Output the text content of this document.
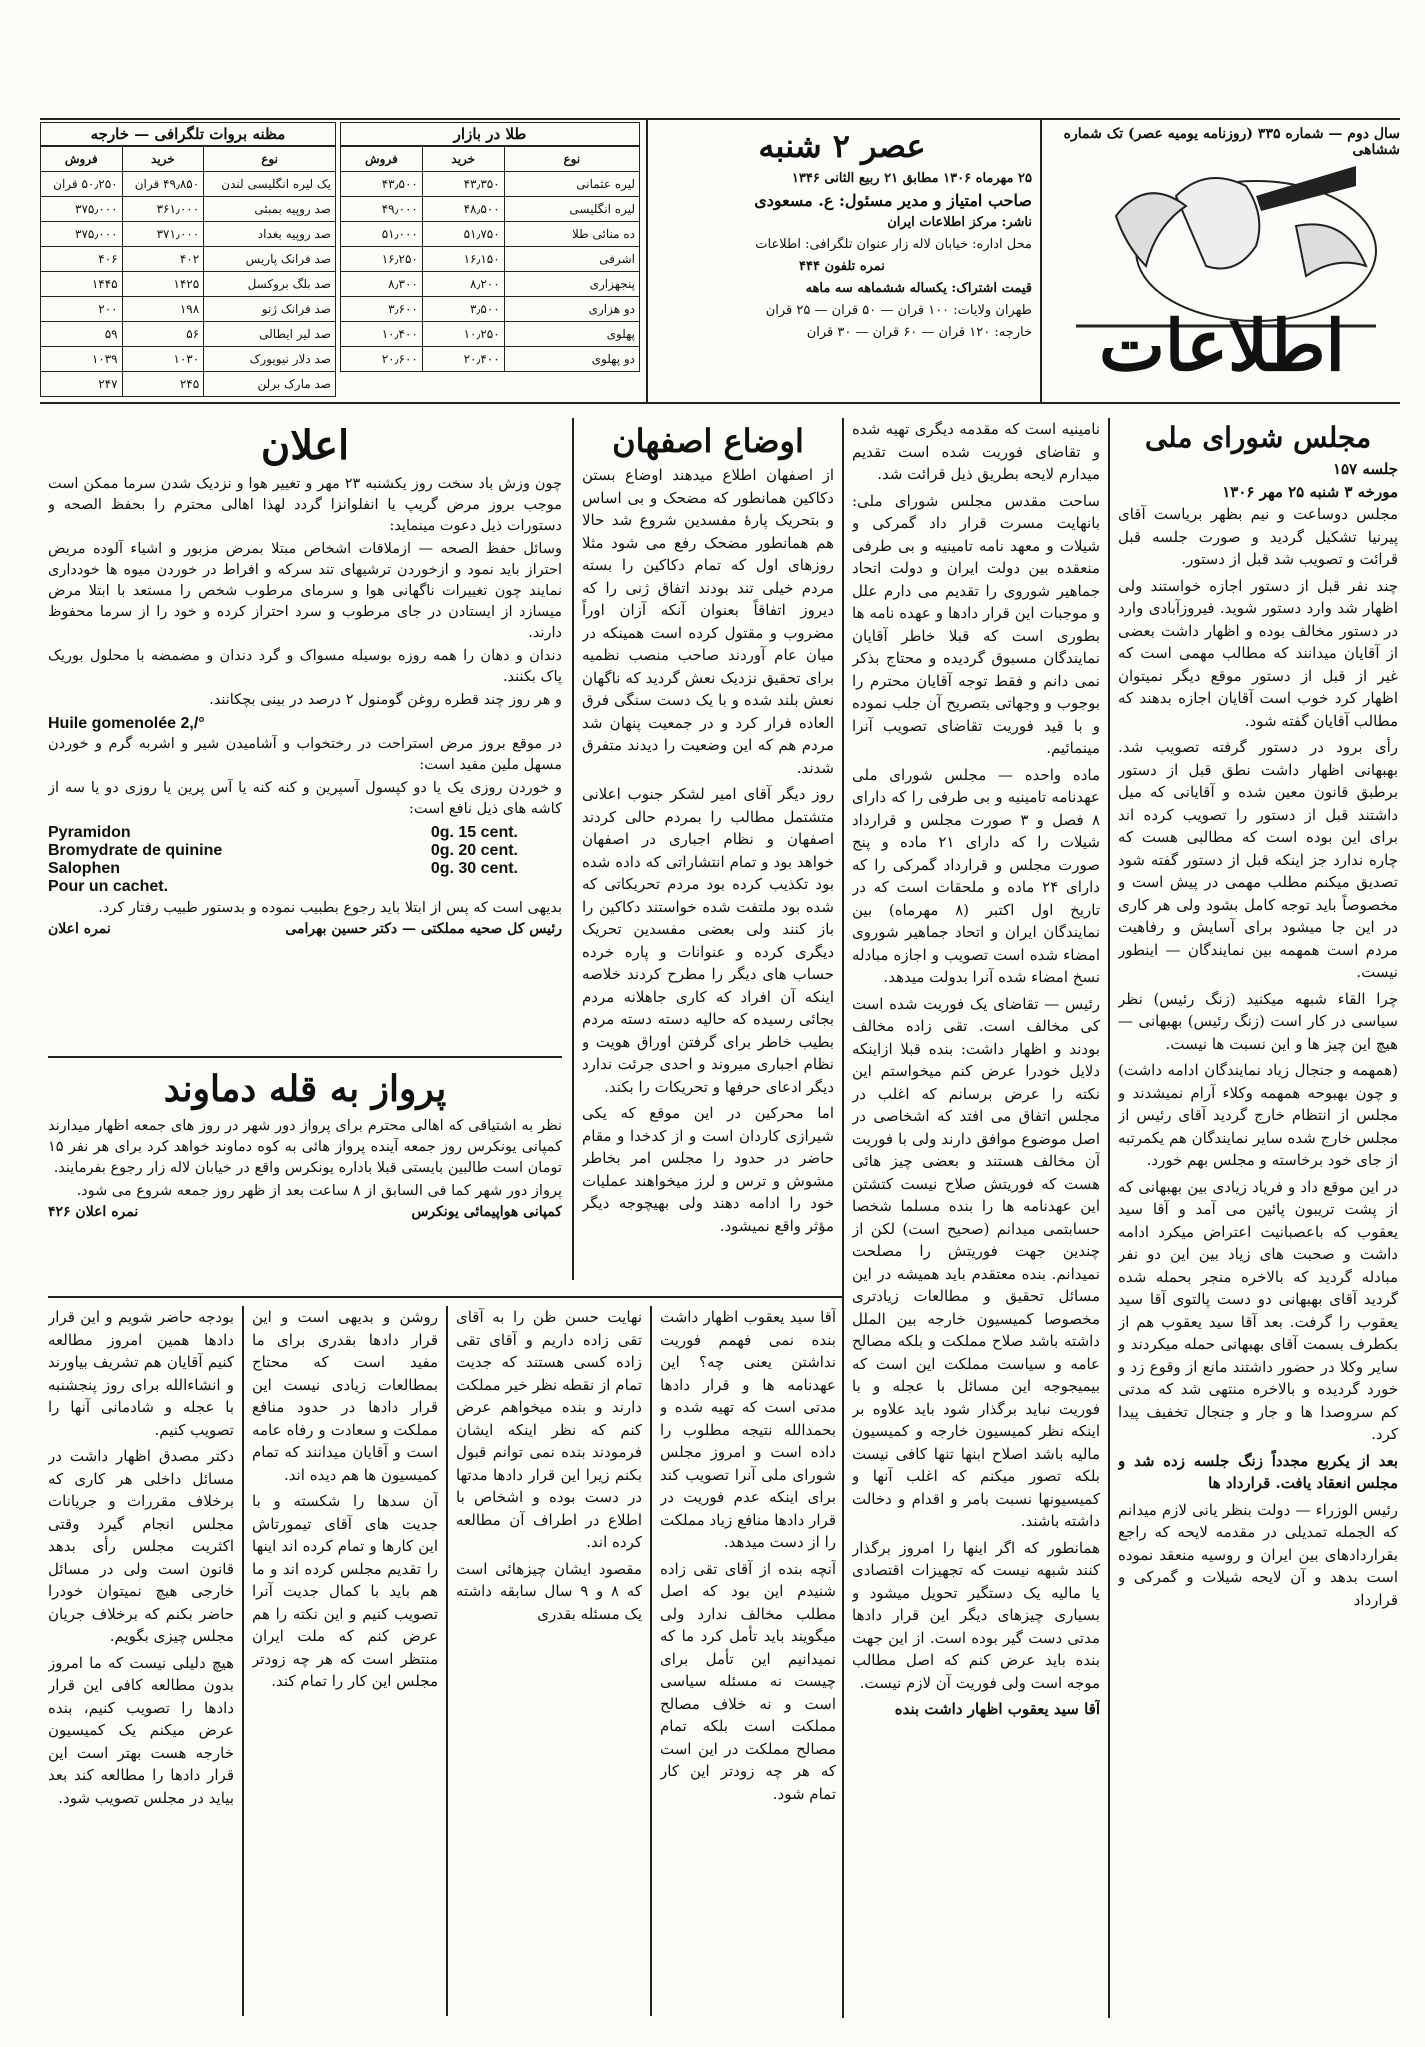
سال دوم — شماره ۳۳۵ (روزنامه یومیه عصر) تک شماره ششاهی
اطلاعات
عصر ۲ شنبه
۲۵ مهرماه ۱۳۰۶ مطابق ۲۱ ربیع الثانی ۱۳۴۶
صاحب امتیاز و مدیر مسئول: ع. مسعودی
ناشر: مرکز اطلاعات ایران
محل اداره: خیابان لاله زار عنوان تلگرافی: اطلاعات
نمره تلفون ۴۴۴
قیمت اشتراک: یکساله ششماهه سه ماهه
طهران ولایات: ۱۰۰ قران — ۵۰ قران — ۲۵ قران
خارجه: ۱۲۰ قران — ۶۰ قران — ۳۰ قران
طلا در بازار
نوع	خرید	فروش
لیره عثمانی	۴۳٫۳۵۰	۴۳٫۵۰۰
لیره انگلیسی	۴۸٫۵۰۰	۴۹٫۰۰۰
ده منائی طلا	۵۱٫۷۵۰	۵۱٫۰۰۰
اشرفی	۱۶٫۱۵۰	۱۶٫۲۵۰
پنجهزاری	۸٫۲۰۰	۸٫۳۰۰
دو هزاری	۳٫۵۰۰	۳٫۶۰۰
پهلوی	۱۰٫۲۵۰	۱۰٫۴۰۰
دو پهلوی	۲۰٫۴۰۰	۲۰٫۶۰۰
مظنه بروات تلگرافی — خارجه
نوع	خرید	فروش
یک لیره انگلیسی لندن	۴۹٫۸۵۰ قران	۵۰٫۲۵۰ قران
صد روپیه بمبئی	۳۶۱٫۰۰۰	۳۷۵٫۰۰۰
صد روپیه بغداد	۳۷۱٫۰۰۰	۳۷۵٫۰۰۰
صد فرانک پاریس	۴۰۲	۴۰۶
صد بلگ بروکسل	۱۴۲۵	۱۴۴۵
صد فرانک ژنو	۱۹۸	۲۰۰
صد لیر ایطالی	۵۶	۵۹
صد دلار نیویورک	۱۰۳۰	۱۰۳۹
صد مارک برلن	۲۴۵	۲۴۷
مجلس شورای ملی
جلسه ۱۵۷
مورخه ۳ شنبه ۲۵ مهر ۱۳۰۶

مجلس دوساعت و نیم بظهر بریاست آقای پیرنیا تشکیل گردید و صورت جلسه قبل قرائت و تصویب شد قبل از دستور.

چند نفر قبل از دستور اجازه خواستند ولی اظهار شد وارد دستور شوید. فیروزآبادی وارد در دستور مخالف بوده و اظهار داشت بعضی از آقایان میدانند که مطالب مهمی است که غیر از قبل از دستور موقع دیگر نمیتوان اظهار کرد خوب است آقایان اجازه بدهند که مطالب آقایان گفته شود.

رأی برود در دستور گرفته تصویب شد. بهبهانی اظهار داشت نطق قبل از دستور برطبق قانون معین شده و آقایانی که میل داشتند قبل از دستور را تصویب کرده اند برای این بوده است که مطالبی هست که چاره ندارد جز اینکه قبل از دستور گفته شود تصدیق میکنم مطلب مهمی در پیش است و مخصوصاً باید توجه کامل بشود ولی هر کاری در این جا میشود برای آسایش و رفاهیت مردم است همهمه بین نمایندگان — اینطور نیست.

چرا القاء شبهه میکنید (زنگ رئیس) نظر سیاسی در کار است (زنگ رئیس) بهبهانی — هیچ این چیز ها و این نسبت ها نیست.

(همهمه و جنجال زیاد نمایندگان ادامه داشت) و چون بهبوحه همهمه وکلاء آرام نمیشدند و مجلس از انتظام خارج گردید آقای رئیس از مجلس خارج شده سایر نمایندگان هم یکمرتبه از جای خود برخاسته و مجلس بهم خورد.

در این موقع داد و فریاد زیادی بین بهبهانی که از پشت تریبون پائین می آمد و آقا سید یعقوب که باعصبانیت اعتراض میکرد ادامه داشت و صحبت های زیاد بین این دو نفر مبادله گردید که بالاخره منجر بحمله شده گردید آقای بهبهانی دو دست پالتوی آقا سید یعقوب را گرفت. بعد آقا سید یعقوب هم از بکطرف بسمت آقای بهبهانی حمله میکردند و سایر وکلا در حضور داشتند مانع از وقوع زد و خورد گردیده و بالاخره منتهی شد که مدتی کم سروصدا ها و جار و جنجال تخفیف پیدا کرد.

بعد از یکربع مجدداً زنگ جلسه زده شد و مجلس انعقاد یافت. قرارداد ها

رئیس الوزراء — دولت بنظر یانی لازم میدانم که الجمله تمدیلی در مقدمه لایحه که راجع بقراردادهای بین ایران و روسیه منعقد نموده است بدهد و آن لایحه شیلات و گمرکی و قرارداد

نامینیه است که مقدمه دیگری تهیه شده و تقاضای فوریت شده است تقدیم میدارم لایحه بطریق ذیل قرائت شد.

ساحت مقدس مجلس شورای ملی: بانهایت مسرت قرار داد گمرکی و شیلات و معهد نامه تامینیه و بی طرفی منعقده بین دولت ایران و دولت اتحاد جماهیر شوروی را تقدیم می دارم علل و موجبات این قرار دادها و عهده نامه ها بطوری است که قبلا خاطر آقایان نمایندگان مسبوق گردیده و محتاج بذکر نمی دانم و فقط توجه آقایان محترم را بوجوب و وجهاتی بتصریح آن جلب نموده و با قید فوریت تقاضای تصویب آنرا مینمائیم.

ماده واحده — مجلس شورای ملی عهدنامه تامینیه و بی طرفی را که دارای ۸ فصل و ۳ صورت مجلس و قرارداد شیلات را که دارای ۲۱ ماده و پنج صورت مجلس و قرارداد گمرکی را که دارای ۲۴ ماده و ملحقات است که در تاریخ اول اکتبر (۸ مهرماه) بین نمایندگان ایران و اتحاد جماهیر شوروی امضاء شده است تصویب و اجازه مبادله نسخ امضاء شده آنرا بدولت میدهد.

رئیس — تقاضای یک فوریت شده است کی مخالف است. تقی زاده مخالف بودند و اظهار داشت: بنده قبلا ازاینکه دلایل خودرا عرض کنم میخواستم این نکته را عرض برسانم که اغلب در مجلس اتفاق می افتد که اشخاصی در اصل موضوع موافق دارند ولی با فوریت آن مخالف هستند و بعضی چیز هائی هست که فوریتش صلاح نیست کتشتن این عهدنامه ها را بنده مسلما شخصا حسابتمی میدانم (صحیح است) لکن از چندین جهت فوریتش را مصلحت نمیدانم. بنده معتقدم باید همیشه در این مسائل تحقیق و مطالعات زیادتری مخصوصا کمیسیون خارجه بین الملل داشته باشد صلاح مملکت و بلکه مصالح عامه و سیاست مملکت این است که بیمیجوجه این مسائل با عجله و با فوریت نباید برگذار شود باید علاوه بر اینکه نظر کمیسیون خارجه و کمیسیون مالیه باشد اصلاح ابنها تنها کافی نیست بلکه تصور میکنم که اغلب آنها و کمیسیونها نسبت بامر و اقدام و دخالت داشته باشند.

همانطور که اگر اینها را امروز برگذار کنند شبهه نیست که تجهیزات اقتصادی یا مالیه یک دستگیر تحویل میشود و بسیاری چیزهای دیگر این قرار دادها مدتی دست گیر بوده است. از این جهت بنده باید عرض کنم که اصل مطالب موجه است ولی فوریت آن لازم نیست.

آقا سید یعقوب اظهار داشت بنده

اوضاع اصفهان

از اصفهان اطلاع میدهند اوضاع بستن دکاکین همانطور که مضحک و بی اساس و بتحریک پارهٔ مفسدین شروع شد حالا هم همانطور مضحک رفع می شود مثلا روزهای اول که تمام دکاکین را بسته مردم خیلی تند بودند اتفاق ژنی را که دیروز اتفاقاً بعنوان آنکه آزان اوراً مضروب و مقتول کرده است همینکه در میان عام آوردند صاحب منصب نظمیه برای تحقیق نزدیک نعش گردید که ناگهان نعش بلند شده و با یک دست سنگی فرق العاده فرار کرد و در جمعیت پنهان شد مردم هم که این وضعیت را دیدند متفرق شدند.

روز دیگر آقای امیر لشکر جنوب اعلانی متشتمل مطالب را بمردم حالی کردند اصفهان و نظام اجباری در اصفهان خواهد بود و تمام انتشاراتی که داده شده بود تکذیب کرده بود مردم تحریکاتی که شده بود ملتفت شده خواستند دکاکین را باز کنند ولی بعضی مفسدین تحریک دیگری کرده و عنوانات و پاره خرده حساب های دیگر را مطرح کردند خلاصه اینکه آن افراد که کاری جاهلانه مردم بجائی رسیده که حالیه دسته دسته مردم بطیب خاطر برای گرفتن اوراق هویت و نظام اجباری میروند و احدی جرئت ندارد دیگر ادعای حرفها و تحریکات را بکند.

اما محرکین در این موقع که یکی شیرازی کاردان است و از کدخدا و مقام حاضر در حدود را مجلس امر بخاطر مشوش و ترس و لرز میخواهند عملیات خود را ادامه دهند ولی بهیچوجه دیگر مؤثر واقع نمیشود.

اعلان

چون وزش باد سخت روز یکشنبه ۲۳ مهر و تغییر هوا و نزدیک شدن سرما ممکن است موجب بروز مرض گریپ یا انفلوانزا گردد لهذا اهالی محترم را بحفظ الصحه و دستورات ذیل دعوت مینماید:

وسائل حفظ الصحه — ازملاقات اشخاص مبتلا بمرض مزبور و اشیاء آلوده مریض احتراز باید نمود و ازخوردن ترشیهای تند سرکه و افراط در خوردن میوه ها خودداری نمایند چون تغییرات ناگهانی هوا و سرمای مرطوب شخص را مستعد با ابتلا مرض میسازد از ایستادن در جای مرطوب و سرد احتراز کرده و خود را از سرما محفوظ دارند.

دندان و دهان را همه روزه بوسیله مسواک و گرد دندان و مضمضه با محلول بوریک پاک بکنند.

و هر روز چند قطره روغن گومنول ۲ درصد در بینی بچکانند.

Huile gomenolée 2,/°

در موقع بروز مرض استراحت در رختخواب و آشامیدن شیر و اشربه گرم و خوردن مسهل ملین مفید است:

و خوردن روزی یک یا دو کپسول آسپرین و کنه کنه یا آس پرین یا روزی دو یا سه از کاشه های ذیل نافع است:

Pyramidon	0g. 15 cent.
Bromydrate de quinine	0g. 20 cent.
Salophen	0g. 30 cent.
Pour un cachet.

بدیهی است که پس از ابتلا باید رجوع بطبیب نموده و بدستور طبیب رفتار کرد.

رئیس کل صحیه مملکتی — دکتر حسین بهرامی
نمره اعلان
پرواز به قله دماوند

نظر به اشتیاقی که اهالی محترم برای پرواز دور شهر در روز های جمعه اظهار میدارند کمپانی یونکرس روز جمعه آینده پرواز هائی به کوه دماوند خواهد کرد برای هر نفر ۱۵ تومان است طالبین بایستی قبلا باداره یونکرس واقع در خیابان لاله زار رجوع بفرمایند.

پرواز دور شهر کما فی السابق از ۸ ساعت بعد از ظهر روز جمعه شروع می شود.

کمپانی هواپیمائی یونکرس
نمره اعلان ۴۲۶

بودجه حاضر شویم و این قرار دادها همین امروز مطالعه کنیم آقایان هم تشریف بیاورند و انشاءالله برای روز پنجشنبه با عجله و شادمانی آنها را تصویب کنیم.

دکتر مصدق اظهار داشت در مسائل داخلی هر کاری که برخلاف مقررات و جریانات مجلس انجام گیرد وقتی اکثریت مجلس رأی بدهد قانون است ولی در مسائل خارجی هیچ نمیتوان خودرا حاضر بکنم که برخلاف جریان مجلس چیزی بگویم.

هیچ دلیلی نیست که ما امروز بدون مطالعه کافی این قرار دادها را تصویب کنیم، بنده عرض میکنم یک کمیسیون خارجه هست بهتر است این قرار دادها را مطالعه کند بعد بیاید در مجلس تصویب شود.

روشن و بدیهی است و این قرار دادها بقدری برای ما مفید است که محتاج بمطالعات زیادی نیست این قرار دادها در حدود منافع مملکت و سعادت و رفاه عامه است و آقایان میدانند که تمام کمیسیون ها هم دیده اند.

آن سدها را شکسته و با جدیت های آقای تیمورتاش این کارها و تمام کرده اند اینها را تقدیم مجلس کرده اند و ما هم باید با کمال جدیت آنرا تصویب کنیم و این نکته را هم عرض کنم که ملت ایران منتظر است که هر چه زودتر مجلس این کار را تمام کند.

نهایت حسن ظن را به آقای تقی زاده داریم و آقای تقی زاده کسی هستند که جدیت تمام از نقطه نظر خیر مملکت دارند و بنده میخواهم عرض کنم که نظر اینکه ایشان فرمودند بنده نمی توانم قبول بکنم زیرا این قرار دادها مدتها در دست بوده و اشخاص با اطلاع در اطراف آن مطالعه کرده اند.

مقصود ایشان چیزهائی است که ۸ و ۹ سال سابقه داشته یک مسئله بقدری

آقا سید یعقوب اظهار داشت بنده نمی فهمم فوریت نداشتن یعنی چه؟ این عهدنامه ها و قرار دادها مدتی است که تهیه شده و بحمدالله نتیجه مطلوب را داده است و امروز مجلس شورای ملی آنرا تصویب کند برای اینکه عدم فوریت در قرار دادها منافع زیاد مملکت را از دست میدهد.

آنچه بنده از آقای تقی زاده شنیدم این بود که اصل مطلب مخالف ندارد ولی میگویند باید تأمل کرد ما که نمیدانیم این تأمل برای چیست نه مسئله سیاسی است و نه خلاف مصالح مملکت است بلکه تمام مصالح مملکت در این است که هر چه زودتر این کار تمام شود.
